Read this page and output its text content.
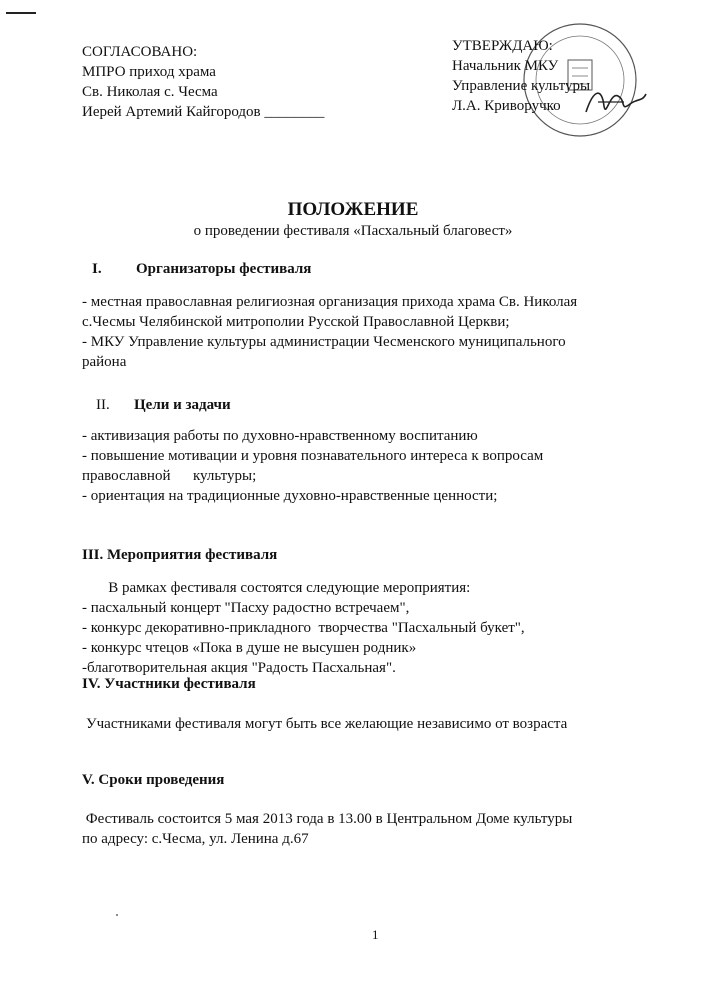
СОГЛАСОВАНО:
МПРО приход храма
Св. Николая с. Чесма
Иерей Артемий Кайгородов ________
УТВЕРЖДАЮ:
Начальник МКУ
Управление культуры
Л.А. Криворучко
ПОЛОЖЕНИЕ
о проведении фестиваля «Пасхальный благовест»
I. Организаторы фестиваля
- местная православная религиозная организация прихода храма Св. Николая
с.Чесмы Челябинской митрополии Русской Православной Церкви;
- МКУ Управление культуры администрации Чесменского муниципального
района
II. Цели и задачи
- активизация работы по духовно-нравственному воспитанию
- повышение мотивации и уровня познавательного интереса к вопросам
православной      культуры;
- ориентация на традиционные духовно-нравственные ценности;
III. Мероприятия фестиваля
В рамках фестиваля состоятся следующие мероприятия:
- пасхальный концерт "Пасху радостно встречаем",
- конкурс декоративно-прикладного  творчества "Пасхальный букет",
- конкурс чтецов «Пока в душе не высушен родник»
-благотворительная акция "Радость Пасхальная".
IV. Участники фестиваля
Участниками фестиваля могут быть все желающие независимо от возраста
V. Сроки проведения
Фестиваль состоится 5 мая 2013 года в 13.00 в Центральном Доме культуры
по адресу: с.Чесма, ул. Ленина д.67
1
